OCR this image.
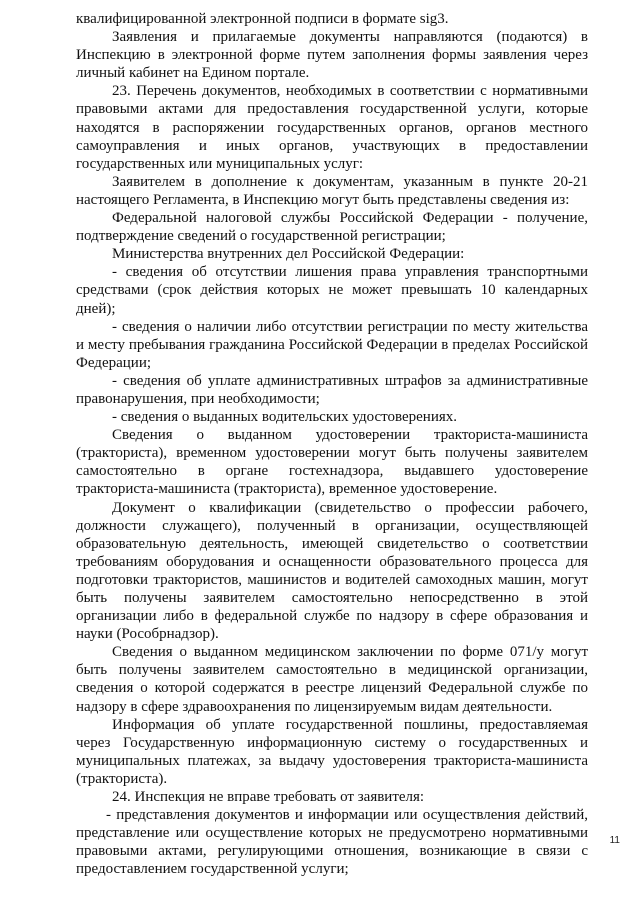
квалифицированной электронной подписи в формате sig3.

Заявления и прилагаемые документы направляются (подаются) в Инспекцию в электронной форме путем заполнения формы заявления через личный кабинет на Едином портале.

23. Перечень документов, необходимых в соответствии с нормативными правовыми актами для предоставления государственной услуги, которые находятся в распоряжении государственных органов, органов местного самоуправления и иных органов, участвующих в предоставлении государственных или муниципальных услуг:

Заявителем в дополнение к документам, указанным в пункте 20-21 настоящего Регламента, в Инспекцию могут быть представлены сведения из:

Федеральной налоговой службы Российской Федерации - получение, подтверждение сведений о государственной регистрации;

Министерства внутренних дел Российской Федерации:

- сведения об отсутствии лишения права управления транспортными средствами (срок действия которых не может превышать 10 календарных дней);

- сведения о наличии либо отсутствии регистрации по месту жительства и месту пребывания гражданина Российской Федерации в пределах Российской Федерации;

- сведения об уплате административных штрафов за административные правонарушения, при необходимости;

- сведения о выданных водительских удостоверениях.

Сведения о выданном удостоверении тракториста-машиниста (тракториста), временном удостоверении могут быть получены заявителем самостоятельно в органе гостехнадзора, выдавшего удостоверение тракториста-машиниста (тракториста), временное удостоверение.

Документ о квалификации (свидетельство о профессии рабочего, должности служащего), полученный в организации, осуществляющей образовательную деятельность, имеющей свидетельство о соответствии требованиям оборудования и оснащенности образовательного процесса для подготовки трактористов, машинистов и водителей самоходных машин, могут быть получены заявителем самостоятельно непосредственно в этой организации либо в федеральной службе по надзору в сфере образования и науки (Рособрнадзор).

Сведения о выданном медицинском заключении по форме 071/у могут быть получены заявителем самостоятельно в медицинской организации, сведения о которой содержатся в реестре лицензий Федеральной службе по надзору в сфере здравоохранения по лицензируемым видам деятельности.

Информация об уплате государственной пошлины, предоставляемая через Государственную информационную систему о государственных и муниципальных платежах, за выдачу удостоверения тракториста-машиниста (тракториста).

24. Инспекция не вправе требовать от заявителя:

- представления документов и информации или осуществления действий, представление или осуществление которых не предусмотрено нормативными правовыми актами, регулирующими отношения, возникающие в связи с предоставлением государственной услуги;

11
